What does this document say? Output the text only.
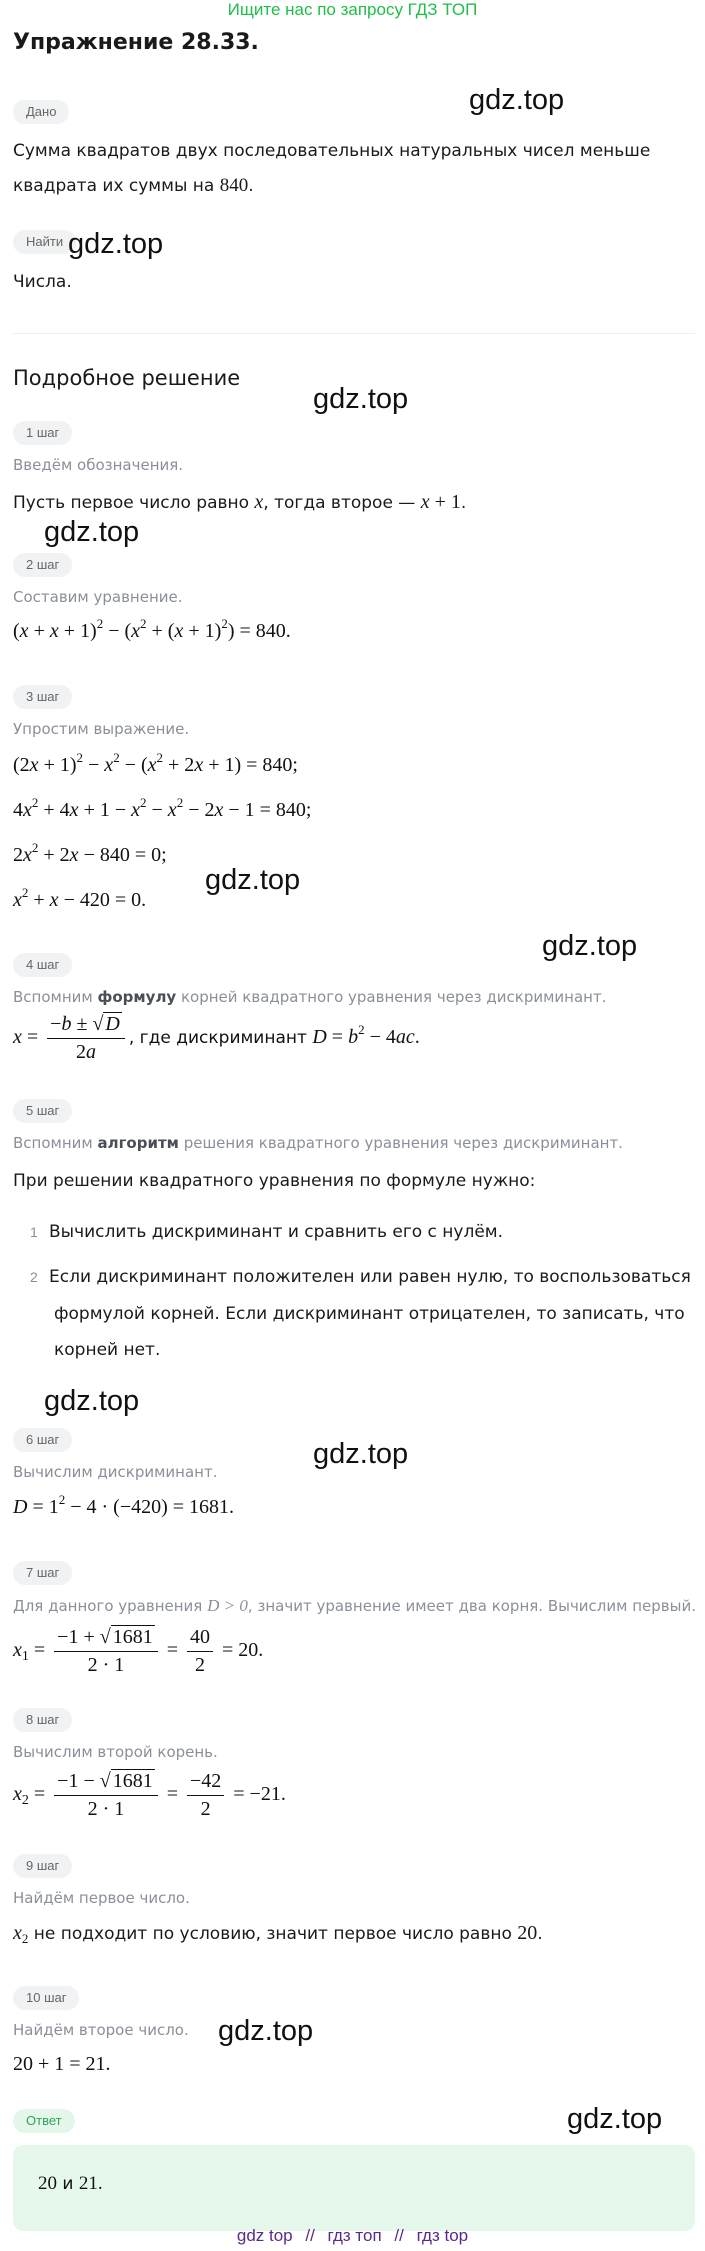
Ищите нас по запросу ГДЗ ТОП
Упражнение 28.33.
Дано
Сумма квадратов двух последовательных натуральных чисел меньше
квадрата их суммы на 840.
Найти
Числа.
Подробное решение
1 шаг
Введём обозначения.
Пусть первое число равно x, тогда второе — x + 1.
2 шаг
Составим уравнение.
$(x + x + 1)^2 - (x^2 + (x + 1)^2) = 840$.
3 шаг
Упростим выражение.
$(2x + 1)^2 - x^2 - (x^2 + 2x + 1) = 840$;
$4x^2 + 4x + 1 - x^2 - x^2 - 2x - 1 = 840$;
$2x^2 + 2x - 840 = 0$;
$x^2 + x - 420 = 0$.
4 шаг
Вспомним формулу корней квадратного уравнения через дискриминант.
$x = \frac{-b \pm √ D}{2a}$ , где дискриминант $D = b^2 - 4ac$.
5 шаг
Вспомним алгоритм решения квадратного уравнения через дискриминант.
При решении квадратного уравнения по формуле нужно:
1 Вычислить дискриминант и сравнить его с нулём.
2 Если дискриминант положителен или равен нулю, то воспользоваться
формулой корней. Если дискриминант отрицателен, то записать, что
корней нет.
6 шаг
Вычислим дискриминант.
$D = 1^2 - 4 \cdot (-420) = 1681$.
7 шаг
Для данного уравнения D > 0, значит уравнение имеет два корня. Вычислим первый.
$x_1 = \frac{-1 + √ 1681}{2 \cdot 1} = \frac{40}{2} = 20$.
8 шаг
Вычислим второй корень.
$x_2 = \frac{-1 - √ 1681}{2 \cdot 1} = \frac{-42}{2} = -21$.
9 шаг
Найдём первое число.
$x_2$ не подходит по условию, значит первое число равно 20.
10 шаг
Найдём второе число.
20 + 1 = 21.
Ответ
20 и 21.
gdz.top
gdz.top
gdz.top
gdz.top
gdz.top
gdz.top
gdz.top
gdz.top
gdz.top
gdz.top
gdz top // гдз топ // гдз top
